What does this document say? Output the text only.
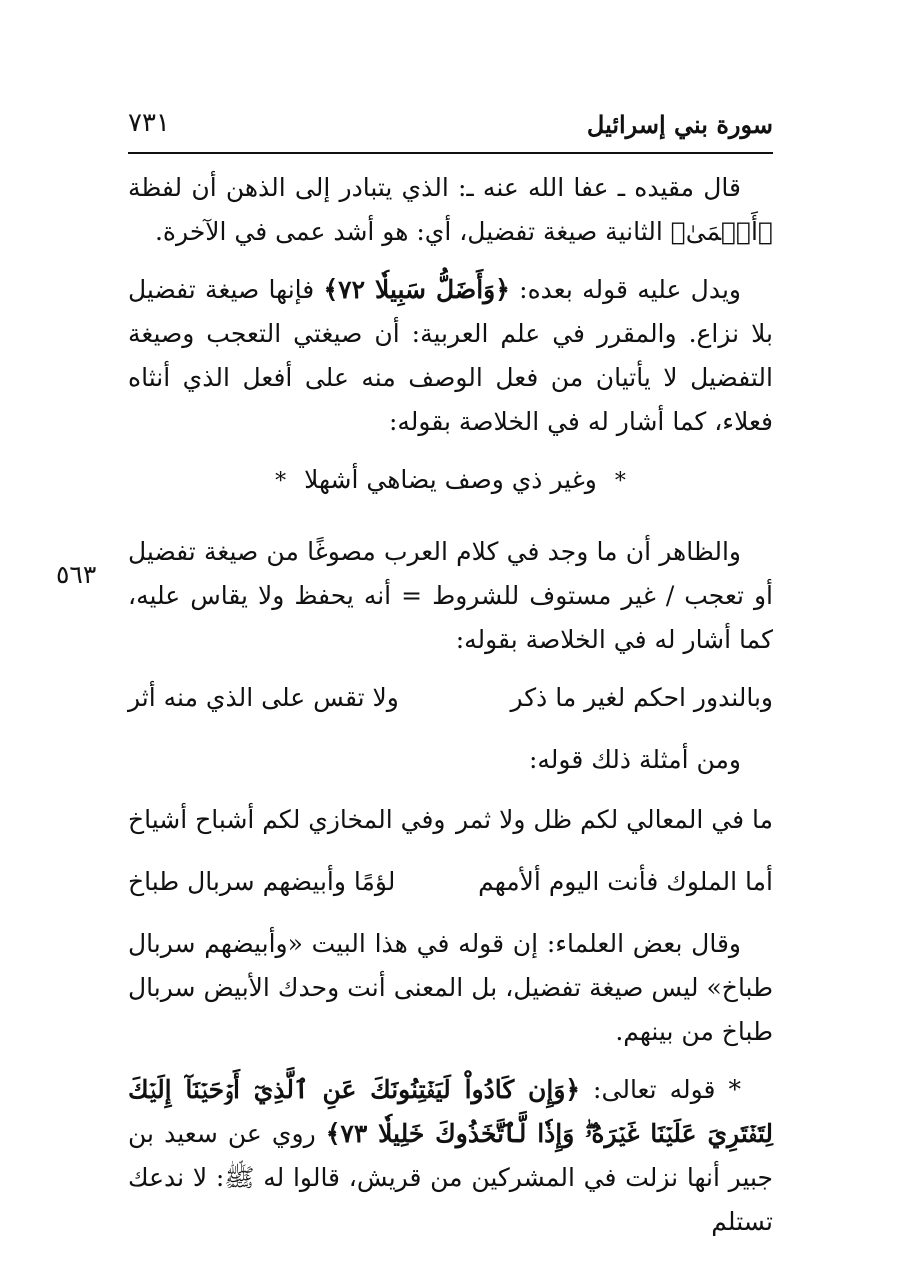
٧٣١	سورة بني إسرائيل
٥٦٣

قال مقيده ـ عفا الله عنه ـ: الذي يتبادر إلى الذهن أن لفظة ﴿أَعۡمَىٰ﴾ الثانية صيغة تفضيل، أي: هو أشد عمى في الآخرة.

ويدل عليه قوله بعده: ﴿وَأَضَلُّ سَبِيلٗا ٧٢﴾ فإنها صيغة تفضيل بلا نزاع. والمقرر في علم العربية: أن صيغتي التعجب وصيغة التفضيل لا يأتيان من فعل الوصف منه على أفعل الذي أنثاه فعلاء، كما أشار له في الخلاصة بقوله:

*وغير ذي وصف يضاهي أشهلا*

والظاهر أن ما وجد في كلام العرب مصوغًا من صيغة تفضيل أو تعجب / غير مستوف للشروط = أنه يحفظ ولا يقاس عليه، كما أشار له في الخلاصة بقوله:

وبالندور احكم لغير ما ذكر
ولا تقس على الذي منه أثر

ومن أمثلة ذلك قوله:

ما في المعالي لكم ظل ولا ثمر
وفي المخازي لكم أشباح أشياخ
أما الملوك فأنت اليوم ألأمهم
لؤمًا وأبيضهم سربال طباخ

وقال بعض العلماء: إن قوله في هذا البيت «وأبيضهم سربال طباخ» ليس صيغة تفضيل، بل المعنى أنت وحدك الأبيض سربال طباخ من بينهم.

* قوله تعالى: ﴿وَإِن كَادُواْ لَيَفۡتِنُونَكَ عَنِ ٱلَّذِيٓ أَوۡحَيۡنَآ إِلَيۡكَ لِتَفۡتَرِيَ عَلَيۡنَا غَيۡرَهُۥۖ وَإِذٗا لَّٱتَّخَذُوكَ خَلِيلٗا ٧٣﴾ روي عن سعيد بن جبير أنها نزلت في المشركين من قريش، قالوا له ﷺ: لا ندعك تستلم
